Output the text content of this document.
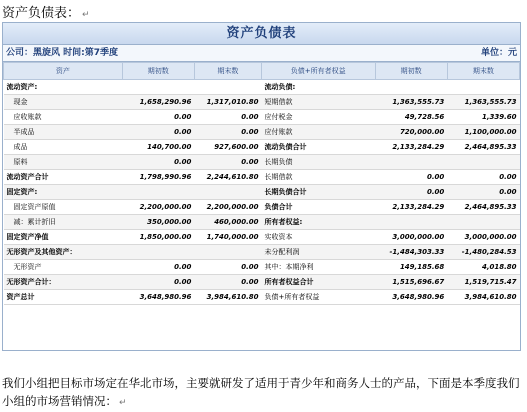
资产负债表： ↵
资产负债表
公司：黑旋风 时间:第7季度	单位：元
资产	期初数	期末数	负债+所有者权益	期初数	期末数
流动资产:			流动负债:		
现金	1,658,290.96	1,317,010.80	短期借款	1,363,555.73	1,363,555.73
应收账款	0.00	0.00	应付税金	49,728.56	1,339.60
半成品	0.00	0.00	应付账款	720,000.00	1,100,000.00
成品	140,700.00	927,600.00	流动负债合计	2,133,284.29	2,464,895.33
原料	0.00	0.00	长期负债		
流动资产合计	1,798,990.96	2,244,610.80	长期借款	0.00	0.00
固定资产:			长期负债合计	0.00	0.00
固定资产原值	2,200,000.00	2,200,000.00	负债合计	2,133,284.29	2,464,895.33
减：累计折旧	350,000.00	460,000.00	所有者权益:		
固定资产净值	1,850,000.00	1,740,000.00	实收资本	3,000,000.00	3,000,000.00
无形资产及其他资产：			未分配利润	-1,484,303.33	-1,480,284.53
无形资产	0.00	0.00	其中：本期净利	149,185.68	4,018.80
无形资产合计：	0.00	0.00	所有者权益合计	1,515,696.67	1,519,715.47
资产总计	3,648,980.96	3,984,610.80	负债+所有者权益	3,648,980.96	3,984,610.80
我们小组把目标市场定在华北市场，主要就研发了适用于青少年和商务人士的产品，下面是本季度我们小组的市场营销情况： ↵
